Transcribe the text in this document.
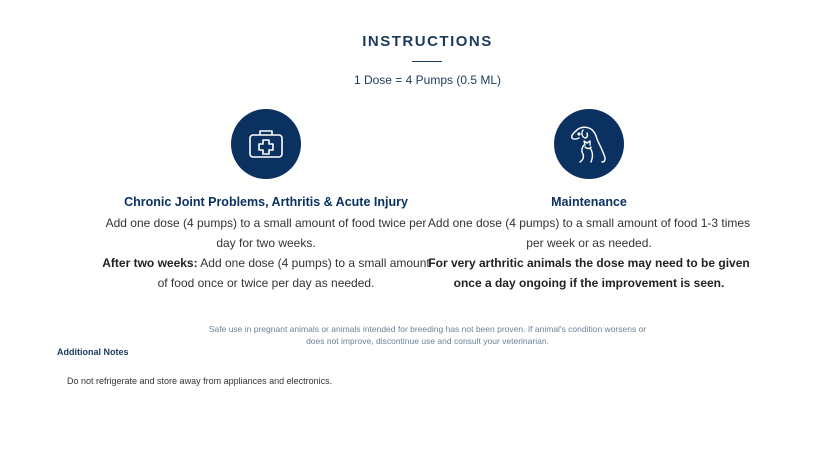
INSTRUCTIONS
1 Dose = 4 Pumps (0.5 ML)
Chronic Joint Problems, Arthritis & Acute Injury
Add one dose (4 pumps) to a small amount of food twice per day for two weeks.
After two weeks: Add one dose (4 pumps) to a small amount of food once or twice per day as needed.
Maintenance
Add one dose (4 pumps) to a small amount of food 1-3 times per week or as needed.
For very arthritic animals the dose may need to be given once a day ongoing if the improvement is seen.
Safe use in pregnant animals or animals intended for breeding has not been proven. If animal's condition worsens or does not improve, discontinue use and consult your veterinarian.
Additional Notes
Do not refrigerate and store away from appliances and electronics.
